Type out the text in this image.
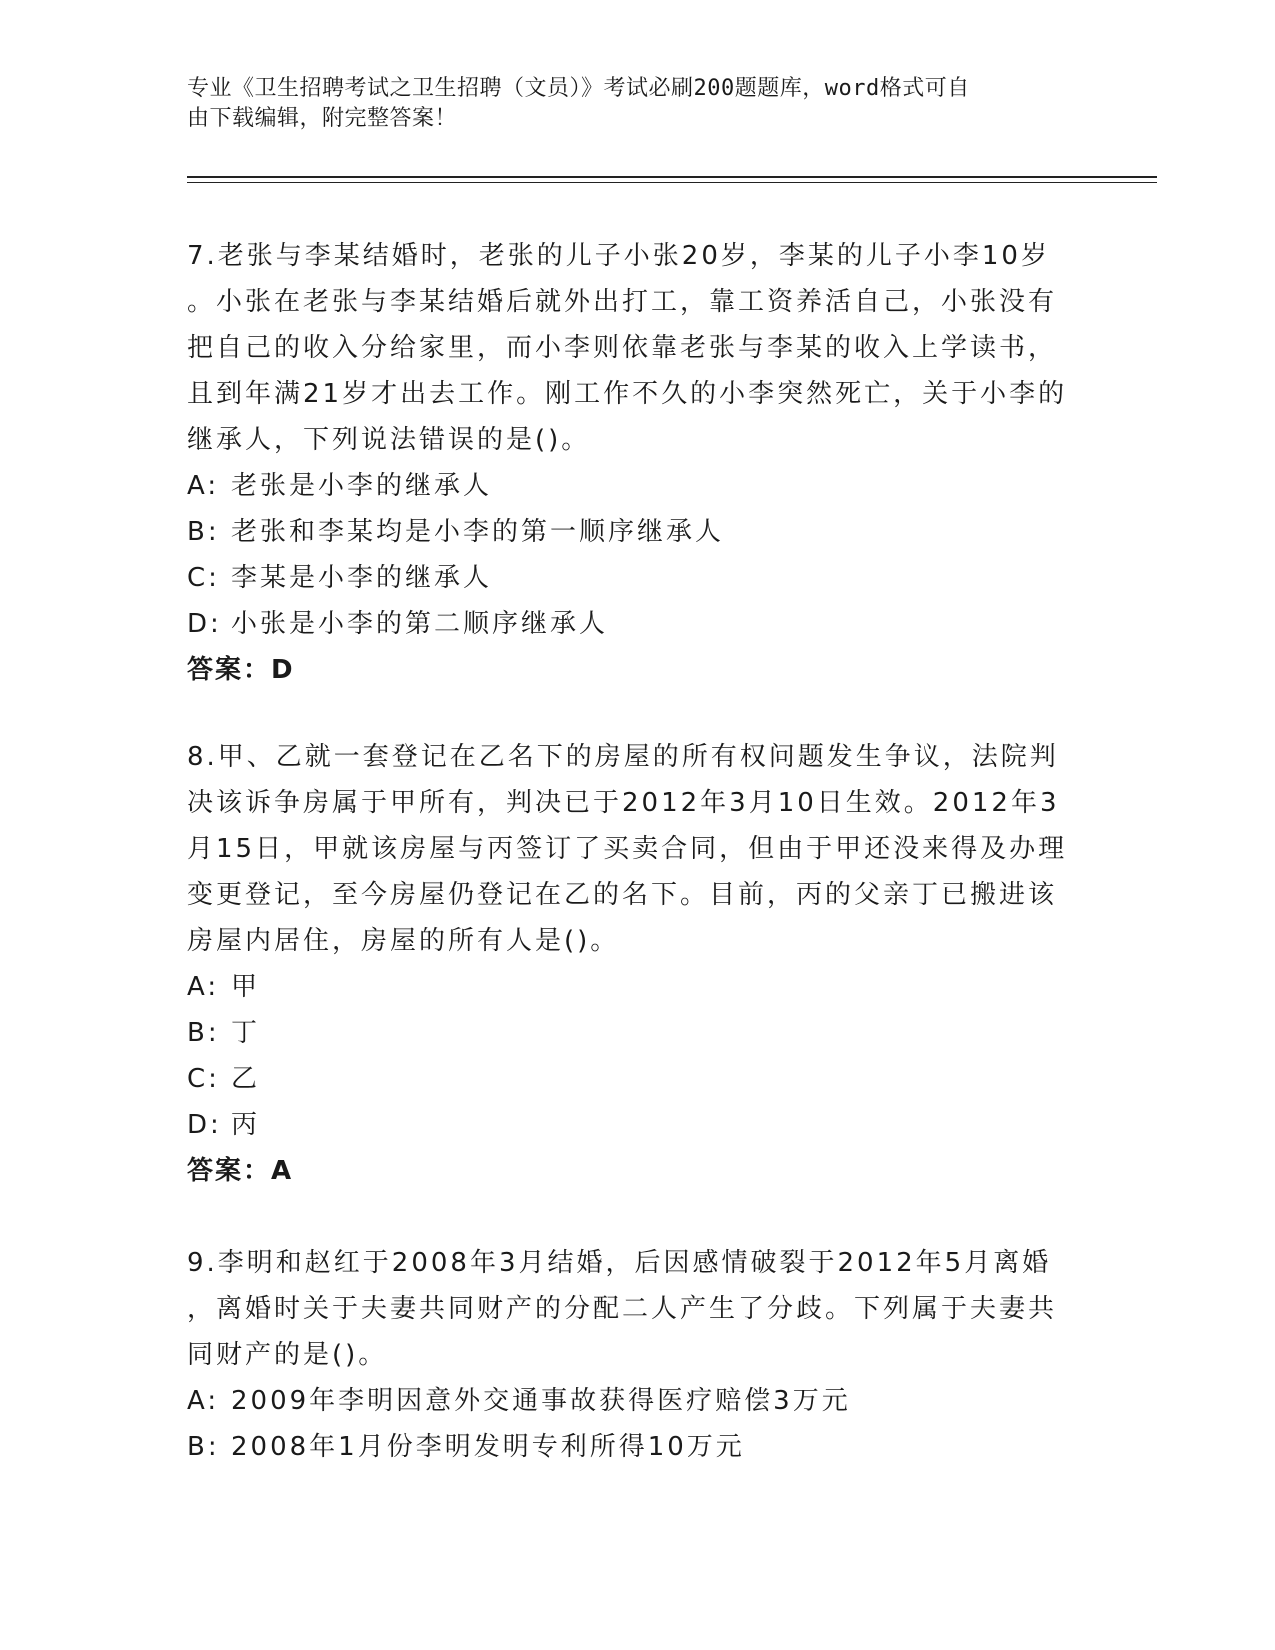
专业《卫生招聘考试之卫生招聘（文员）》考试必刷200题题库，word格式可自
由下载编辑，附完整答案！

7.老张与李某结婚时，老张的儿子小张20岁，李某的儿子小李10岁
。小张在老张与李某结婚后就外出打工，靠工资养活自己，小张没有
把自己的收入分给家里，而小李则依靠老张与李某的收入上学读书，
且到年满21岁才出去工作。刚工作不久的小李突然死亡，关于小李的
继承人，下列说法错误的是()。

A: 老张是小李的继承人

B: 老张和李某均是小李的第一顺序继承人

C: 李某是小李的继承人

D: 小张是小李的第二顺序继承人

答案：D

8.甲、乙就一套登记在乙名下的房屋的所有权问题发生争议，法院判
决该诉争房属于甲所有，判决已于2012年3月10日生效。2012年3
月15日，甲就该房屋与丙签订了买卖合同，但由于甲还没来得及办理
变更登记，至今房屋仍登记在乙的名下。目前，丙的父亲丁已搬进该
房屋内居住，房屋的所有人是()。

A: 甲

B: 丁

C: 乙

D: 丙

答案：A

9.李明和赵红于2008年3月结婚，后因感情破裂于2012年5月离婚
，离婚时关于夫妻共同财产的分配二人产生了分歧。下列属于夫妻共
同财产的是()。

A: 2009年李明因意外交通事故获得医疗赔偿3万元

B: 2008年1月份李明发明专利所得10万元
